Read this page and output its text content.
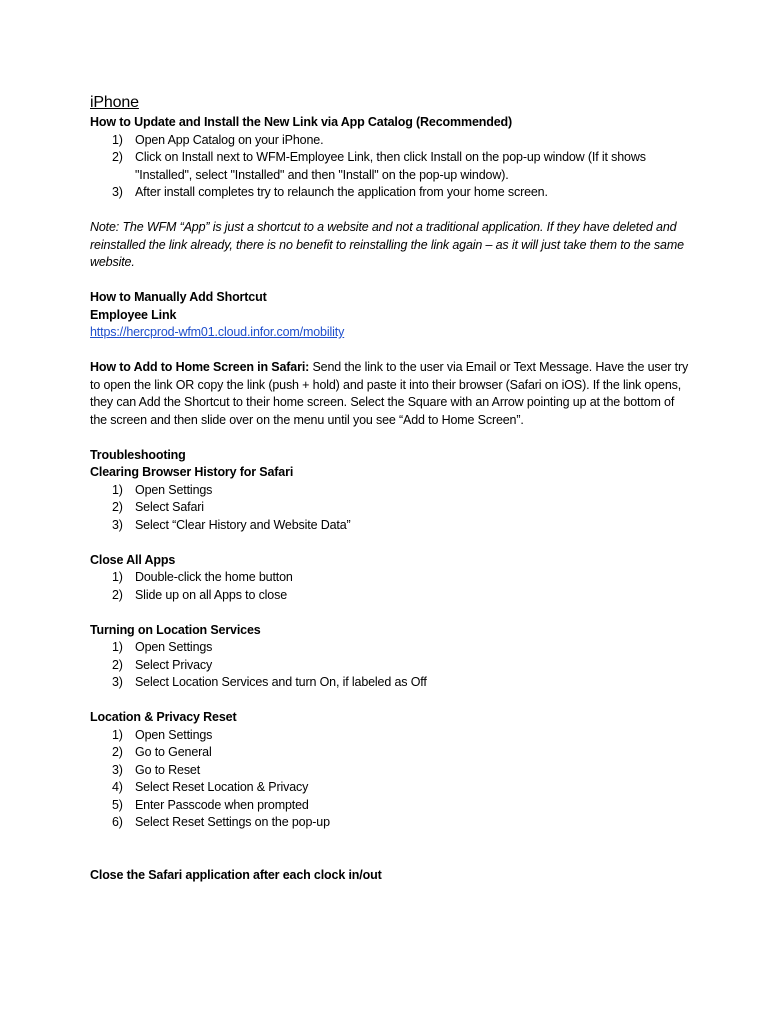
iPhone

How to Update and Install the New Link via App Catalog (Recommended)

1) Open App Catalog on your iPhone.
2) Click on Install next to WFM-Employee Link, then click Install on the pop-up window (If it shows "Installed", select "Installed" and then "Install" on the pop-up window).
3) After install completes try to relaunch the application from your home screen.

Note: The WFM “App” is just a shortcut to a website and not a traditional application. If they have deleted and reinstalled the link already, there is no benefit to reinstalling the link again – as it will just take them to the same website.

How to Manually Add Shortcut

Employee Link

https://hercprod-wfm01.cloud.infor.com/mobility

How to Add to Home Screen in Safari: Send the link to the user via Email or Text Message. Have the user try to open the link OR copy the link (push + hold) and paste it into their browser (Safari on iOS). If the link opens, they can Add the Shortcut to their home screen. Select the Square with an Arrow pointing up at the bottom of the screen and then slide over on the menu until you see “Add to Home Screen”.

Troubleshooting

Clearing Browser History for Safari

1) Open Settings
2) Select Safari
3) Select “Clear History and Website Data”

Close All Apps

1) Double-click the home button
2) Slide up on all Apps to close

Turning on Location Services

1) Open Settings
2) Select Privacy
3) Select Location Services and turn On, if labeled as Off

Location & Privacy Reset

1) Open Settings
2) Go to General
3) Go to Reset
4) Select Reset Location & Privacy
5) Enter Passcode when prompted
6) Select Reset Settings on the pop-up

Close the Safari application after each clock in/out
